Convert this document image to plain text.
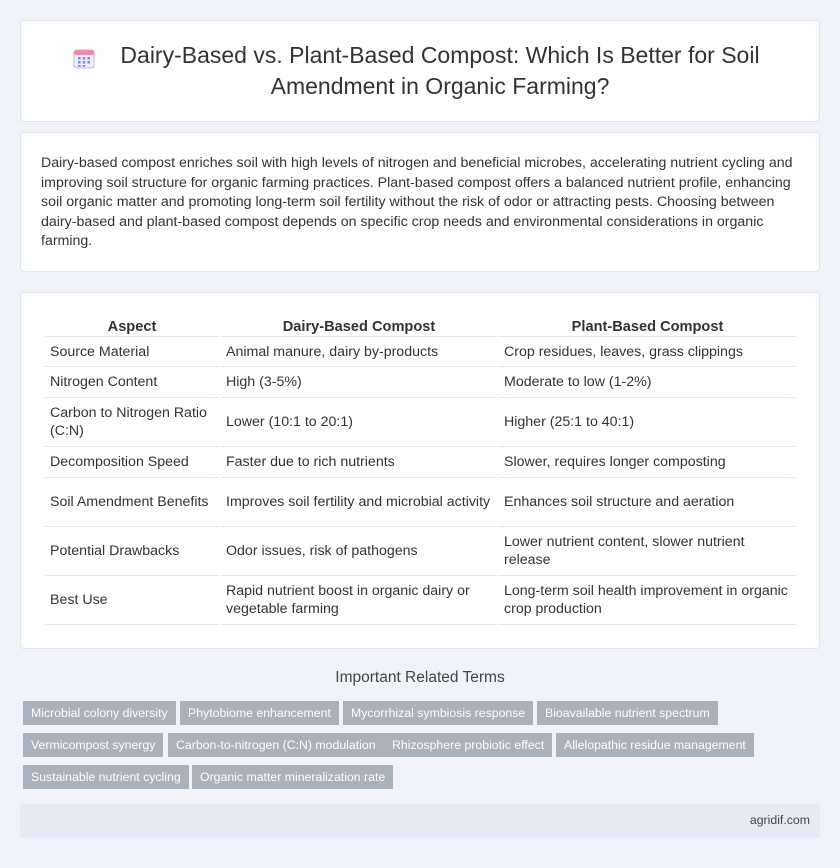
Dairy-Based vs. Plant-Based Compost: Which Is Better for Soil Amendment in Organic Farming?

Dairy-based compost enriches soil with high levels of nitrogen and beneficial microbes, accelerating nutrient cycling and improving soil structure for organic farming practices. Plant-based compost offers a balanced nutrient profile, enhancing soil organic matter and promoting long-term soil fertility without the risk of odor or attracting pests. Choosing between dairy-based and plant-based compost depends on specific crop needs and environmental considerations in organic farming.

Aspect	Dairy-Based Compost	Plant-Based Compost
Source Material	Animal manure, dairy by-products	Crop residues, leaves, grass clippings
Nitrogen Content	High (3-5%)	Moderate to low (1-2%)
Carbon to Nitrogen Ratio (C:N)	Lower (10:1 to 20:1)	Higher (25:1 to 40:1)
Decomposition Speed	Faster due to rich nutrients	Slower, requires longer composting
Soil Amendment Benefits	Improves soil fertility and microbial activity	Enhances soil structure and aeration
Potential Drawbacks	Odor issues, risk of pathogens	Lower nutrient content, slower nutrient release
Best Use	Rapid nutrient boost in organic dairy or vegetable farming	Long-term soil health improvement in organic crop production
Important Related Terms
Microbial colony diversity	Phytobiome enhancement	Mycorrhizal symbiosis response	Bioavailable nutrient spectrum
Vermicompost synergy	Carbon-to-nitrogen (C:N) modulation	Rhizosphere probiotic effect	Allelopathic residue management
Sustainable nutrient cycling	Organic matter mineralization rate
agridif.com
